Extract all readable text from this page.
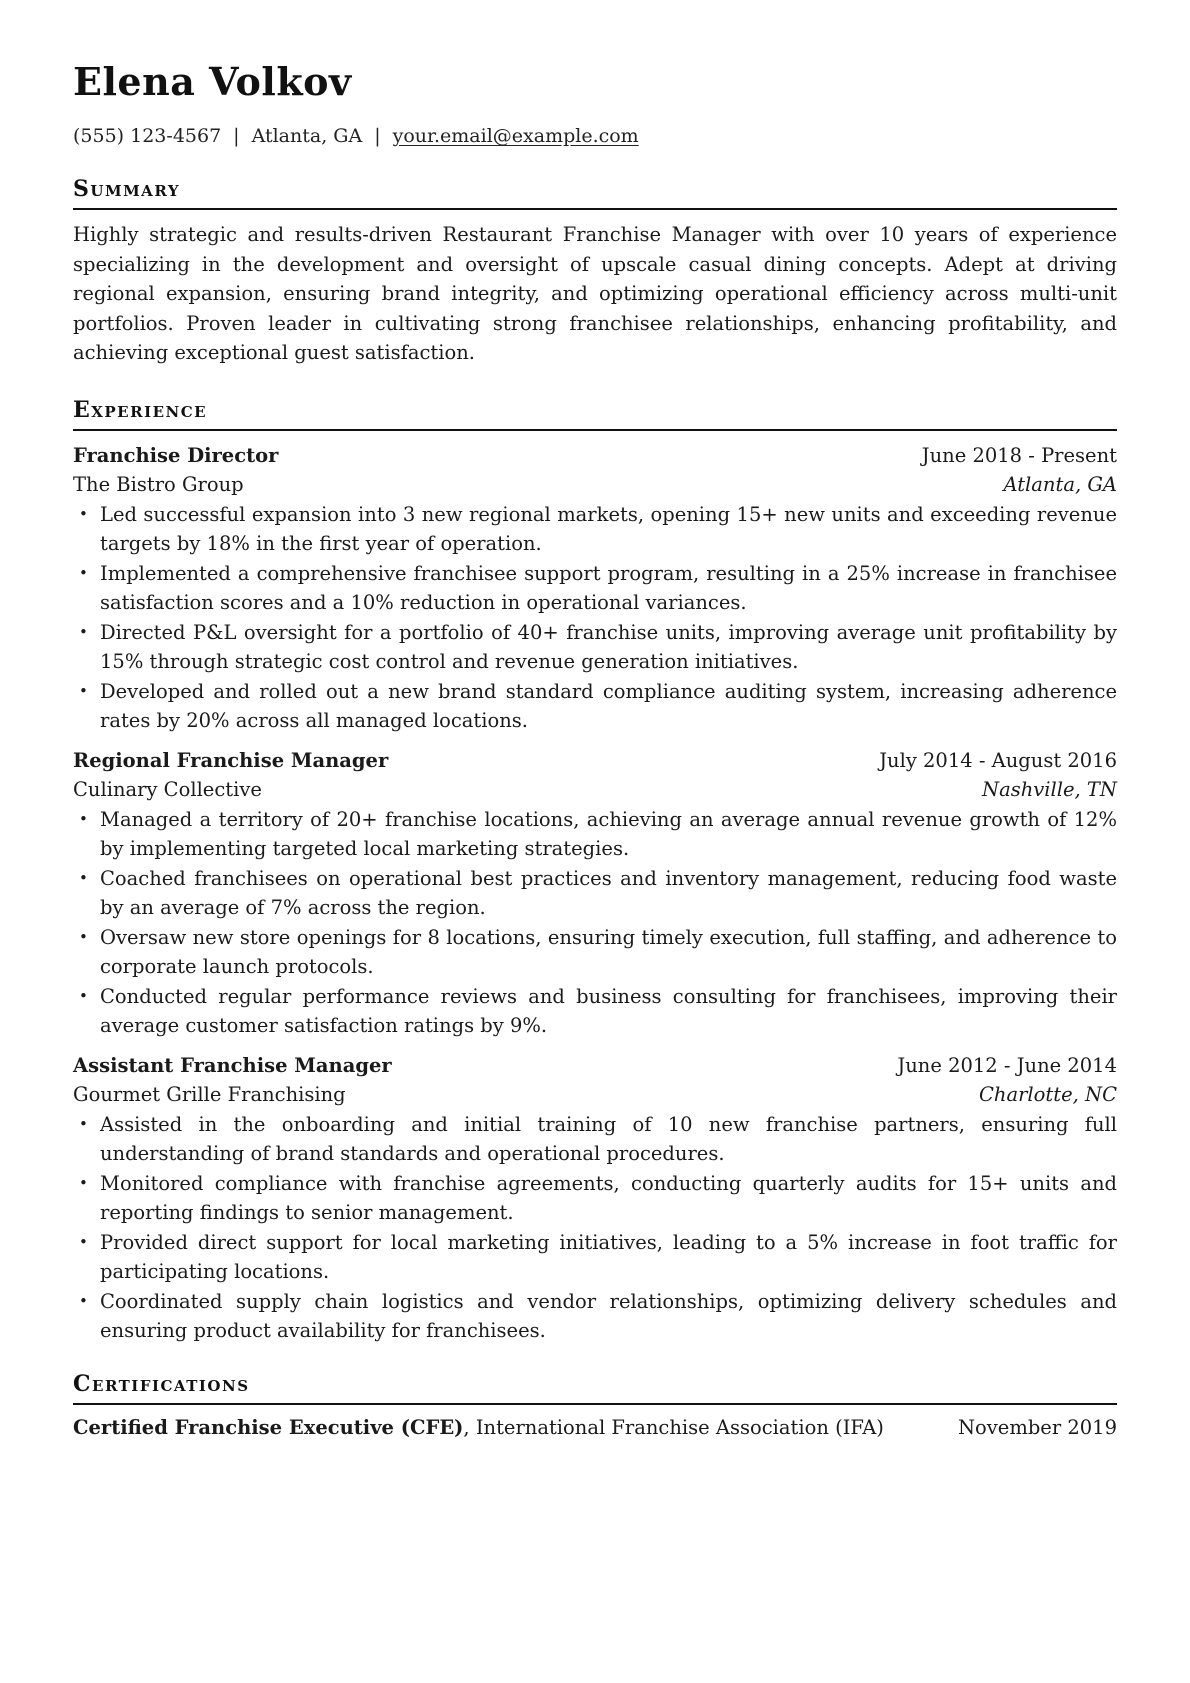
Elena Volkov
(555) 123-4567 | Atlanta, GA | your.email@example.com
Summary

Highly strategic and results-driven Restaurant Franchise Manager with over 10 years of experience specializing in the development and oversight of upscale casual dining concepts. Adept at driving regional expansion, ensuring brand integrity, and optimizing operational efficiency across multi-unit portfolios. Proven leader in cultivating strong franchisee relationships, enhancing profitability, and achieving exceptional guest satisfaction.

Experience
Franchise Director	June 2018 - Present
The Bistro Group	Atlanta, GA
• Led successful expansion into 3 new regional markets, opening 15+ new units and exceeding revenue targets by 18% in the first year of operation.
• Implemented a comprehensive franchisee support program, resulting in a 25% increase in franchisee satisfaction scores and a 10% reduction in operational variances.
• Directed P&L oversight for a portfolio of 40+ franchise units, improving average unit profitability by 15% through strategic cost control and revenue generation initiatives.
• Developed and rolled out a new brand standard compliance auditing system, increasing adherence rates by 20% across all managed locations.
Regional Franchise Manager	July 2014 - August 2016
Culinary Collective	Nashville, TN
• Managed a territory of 20+ franchise locations, achieving an average annual revenue growth of 12% by implementing targeted local marketing strategies.
• Coached franchisees on operational best practices and inventory management, reducing food waste by an average of 7% across the region.
• Oversaw new store openings for 8 locations, ensuring timely execution, full staffing, and adherence to corporate launch protocols.
• Conducted regular performance reviews and business consulting for franchisees, improving their average customer satisfaction ratings by 9%.
Assistant Franchise Manager	June 2012 - June 2014
Gourmet Grille Franchising	Charlotte, NC
• Assisted in the onboarding and initial training of 10 new franchise partners, ensuring full understanding of brand standards and operational procedures.
• Monitored compliance with franchise agreements, conducting quarterly audits for 15+ units and reporting findings to senior management.
• Provided direct support for local marketing initiatives, leading to a 5% increase in foot traffic for participating locations.
• Coordinated supply chain logistics and vendor relationships, optimizing delivery schedules and ensuring product availability for franchisees.
Certifications
Certified Franchise Executive (CFE), International Franchise Association (IFA)	November 2019
